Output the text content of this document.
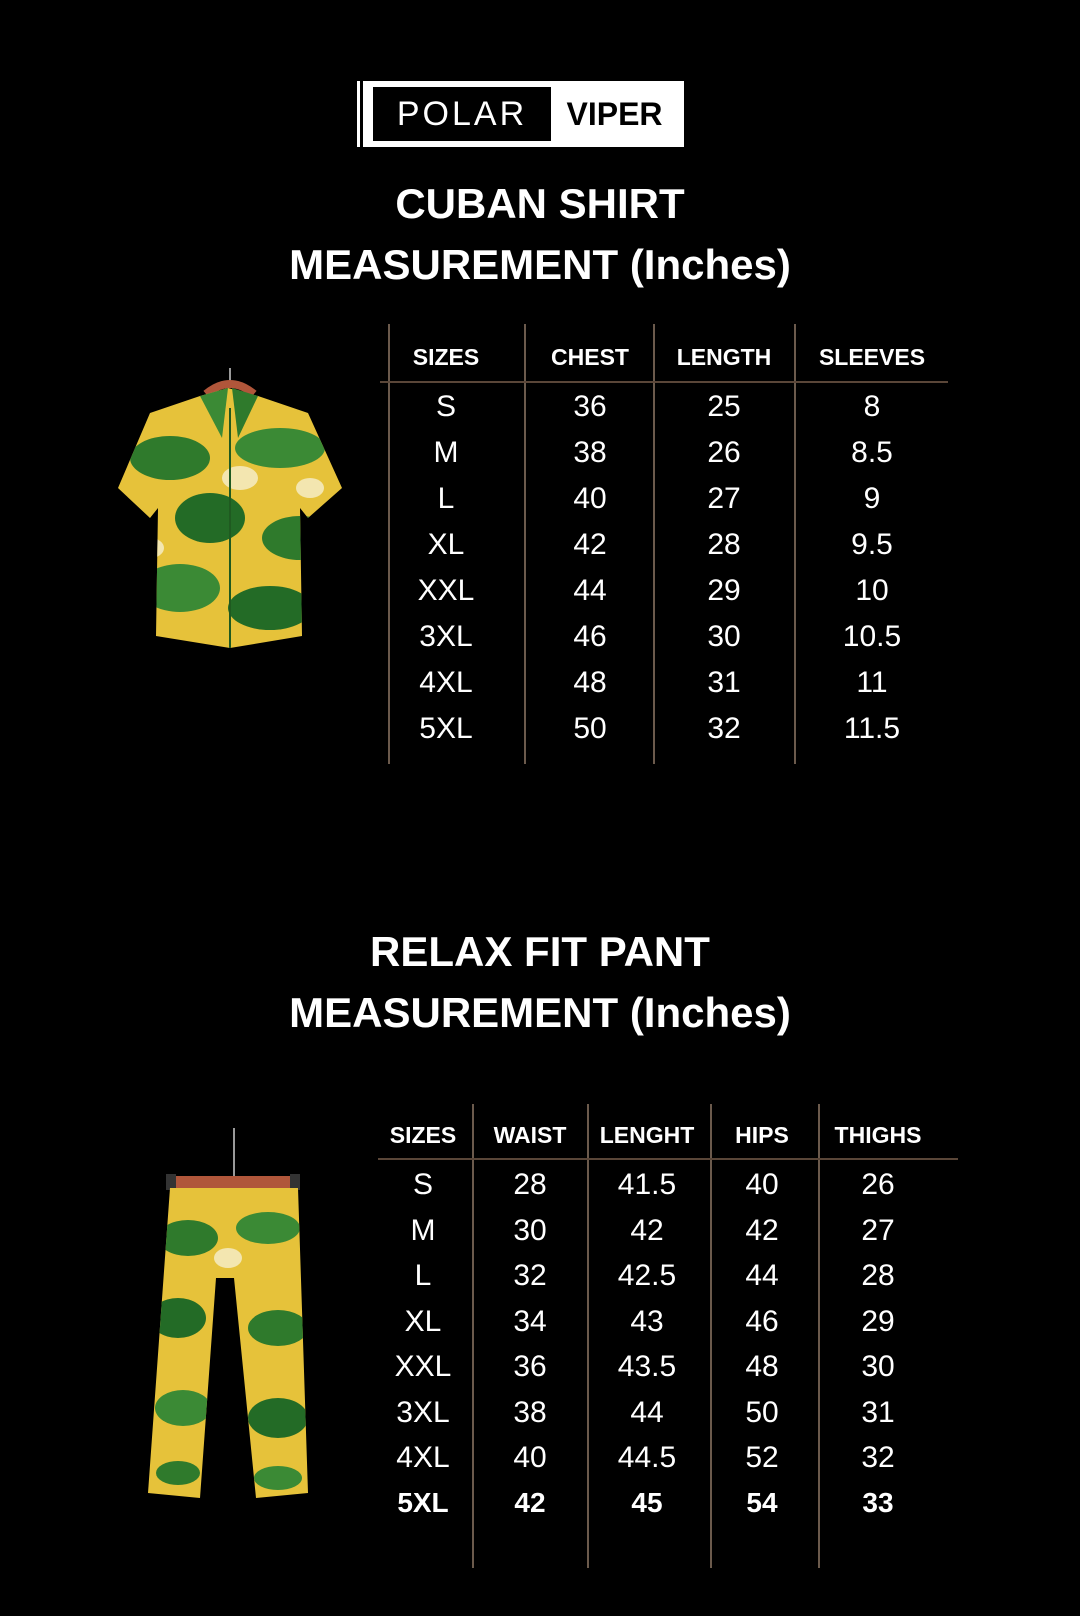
POLAR	VIPER
CUBAN SHIRT
MEASUREMENT (Inches)
SIZES	CHEST	LENGTH	SLEEVES
S	36	25	8
M	38	26	8.5
L	40	27	9
XL	42	28	9.5
XXL	44	29	10
3XL	46	30	10.5
4XL	48	31	11
5XL	50	32	11.5
RELAX FIT PANT
MEASUREMENT (Inches)
SIZES	WAIST	LENGHT	HIPS	THIGHS
S	28	41.5	40	26
M	30	42	42	27
L	32	42.5	44	28
XL	34	43	46	29
XXL	36	43.5	48	30
3XL	38	44	50	31
4XL	40	44.5	52	32
5XL	42	45	54	33
